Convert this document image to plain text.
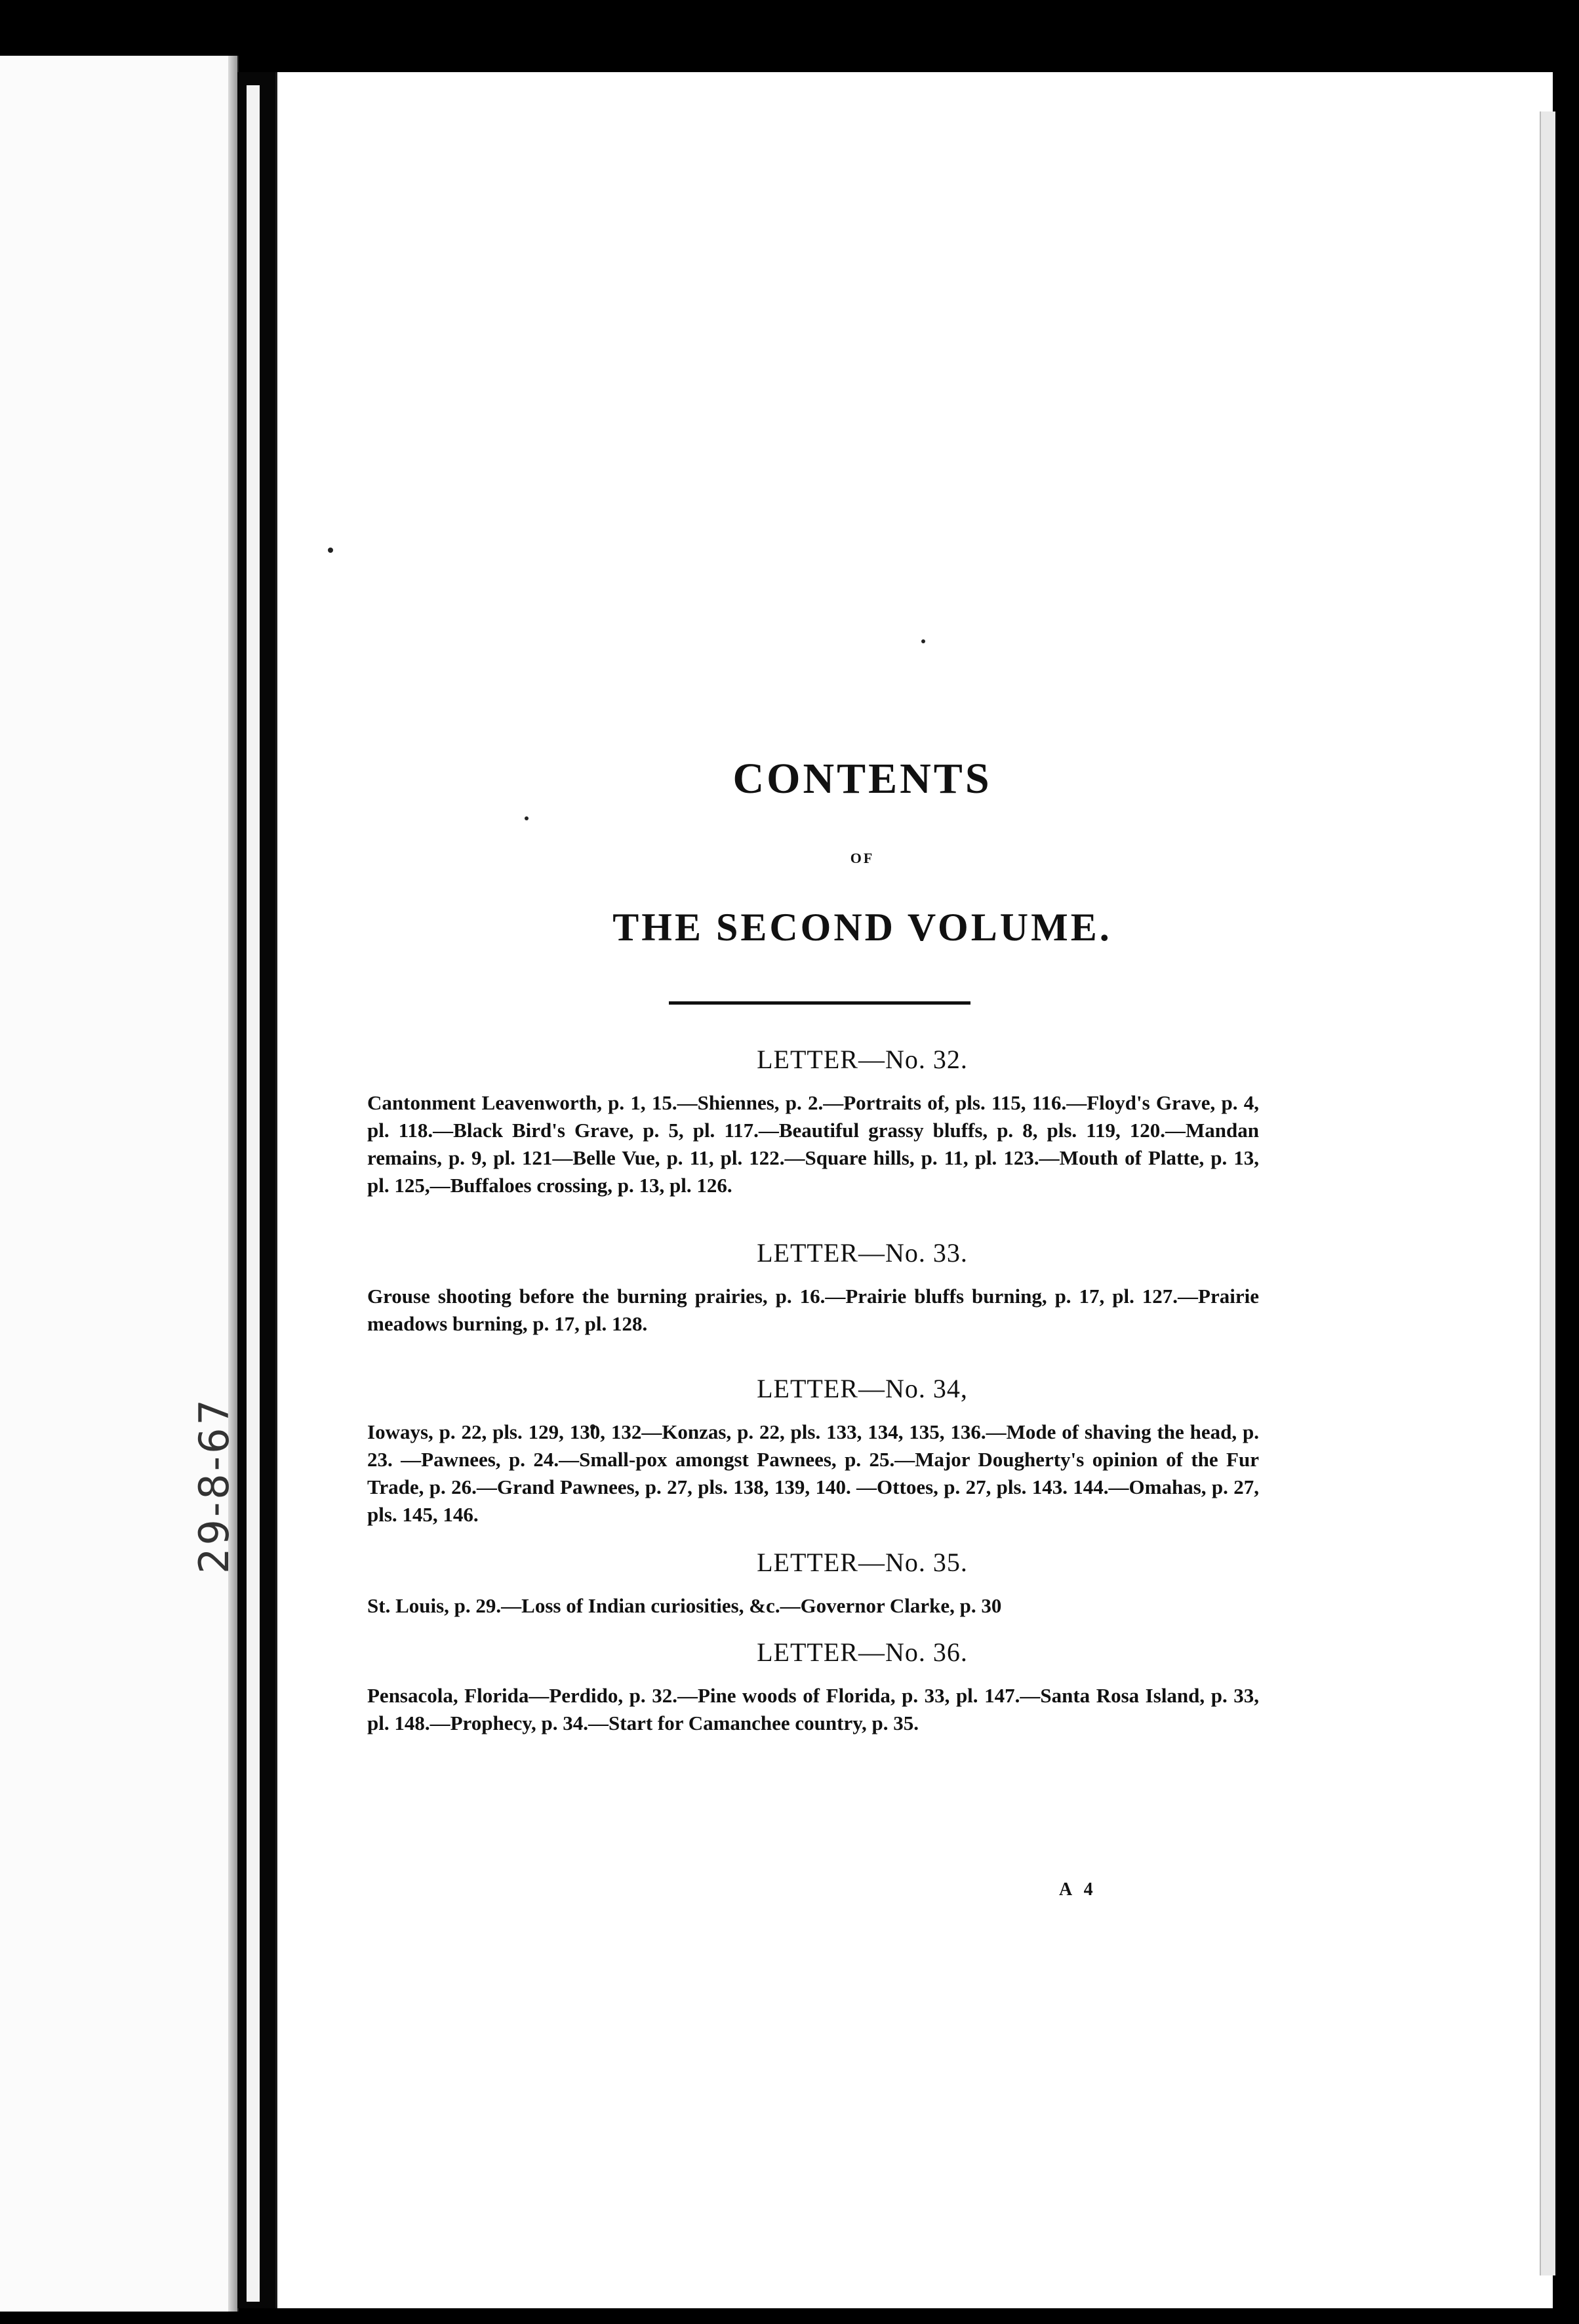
29-8-67
CONTENTS
OF
THE SECOND VOLUME.
LETTER—No. 32.
Cantonment Leavenworth, p. 1, 15.—Shiennes, p. 2.—Portraits of, pls. 115, 116.—Floyd's Grave, p. 4, pl. 118.—Black Bird's Grave, p. 5, pl. 117.—Beautiful grassy bluffs, p. 8, pls. 119, 120.—Mandan remains, p. 9, pl. 121—Belle Vue, p. 11, pl. 122.—Square hills, p. 11, pl. 123.—Mouth of Platte, p. 13, pl. 125,—Buffaloes crossing, p. 13, pl. 126.
LETTER—No. 33.
Grouse shooting before the burning prairies, p. 16.—Prairie bluffs burning, p. 17, pl. 127.—Prairie meadows burning, p. 17, pl. 128.
LETTER—No. 34,
Ioways, p. 22, pls. 129, 130, 132—Konzas, p. 22, pls. 133, 134, 135, 136.—Mode of shaving the head, p. 23. —Pawnees, p. 24.—Small-pox amongst Pawnees, p. 25.—Major Dougherty's opinion of the Fur Trade, p. 26.—Grand Pawnees, p. 27, pls. 138, 139, 140. —Ottoes, p. 27, pls. 143. 144.—Omahas, p. 27, pls. 145, 146.
LETTER—No. 35.
St. Louis, p. 29.—Loss of Indian curiosities, &c.—Governor Clarke, p. 30
LETTER—No. 36.
Pensacola, Florida—Perdido, p. 32.—Pine woods of Florida, p. 33, pl. 147.—Santa Rosa Island, p. 33, pl. 148.—Prophecy, p. 34.—Start for Camanchee country, p. 35.
A 4
